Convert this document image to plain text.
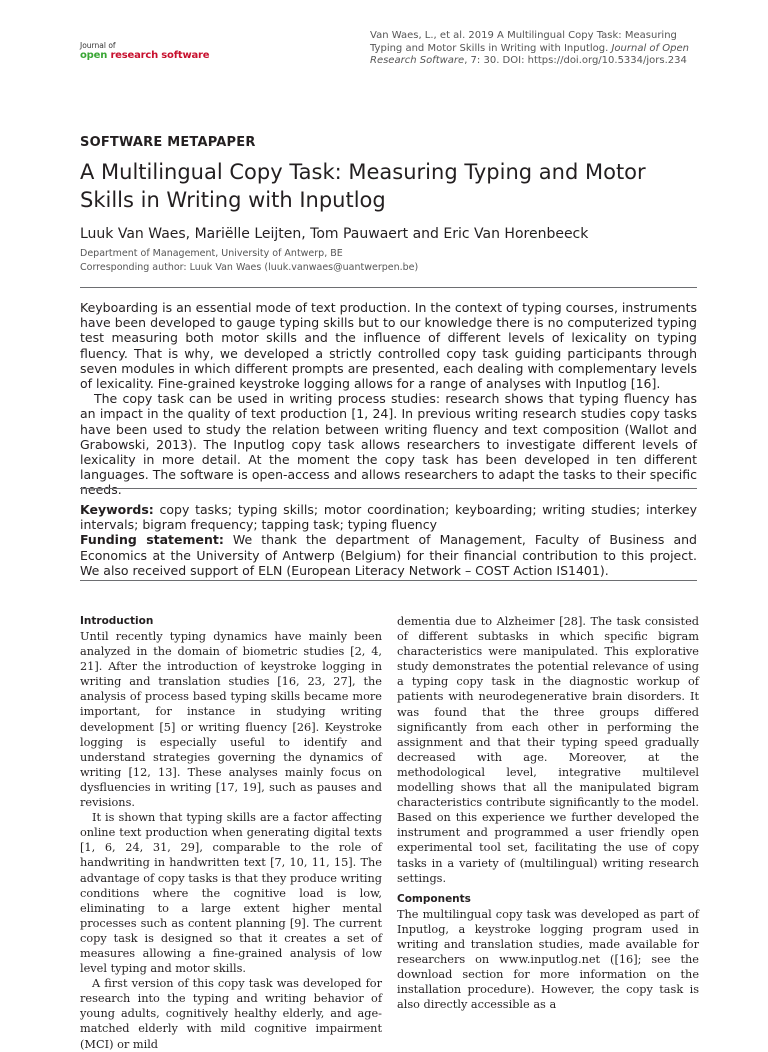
Journal of
open research software
Van Waes, L., et al. 2019 A Multilingual Copy Task: Measuring Typing and Motor Skills in Writing with Inputlog. Journal of Open Research Software, 7: 30. DOI: https://doi.org/10.5334/jors.234
SOFTWARE METAPAPER
A Multilingual Copy Task: Measuring Typing and Motor Skills in Writing with Inputlog
Luuk Van Waes, Mariëlle Leijten, Tom Pauwaert and Eric Van Horenbeeck
Department of Management, University of Antwerp, BE
Corresponding author: Luuk Van Waes (luuk.vanwaes@uantwerpen.be)

Keyboarding is an essential mode of text production. In the context of typing courses, instruments have been developed to gauge typing skills but to our knowledge there is no computerized typing test measuring both motor skills and the influence of different levels of lexicality on typing fluency. That is why, we developed a strictly controlled copy task guiding participants through seven modules in which different prompts are presented, each dealing with complementary levels of lexicality. Fine-grained keystroke logging allows for a range of analyses with Inputlog [16].

The copy task can be used in writing process studies: research shows that typing fluency has an impact in the quality of text production [1, 24]. In previous writing research studies copy tasks have been used to study the relation between writing fluency and text composition (Wallot and Grabowski, 2013). The Inputlog copy task allows researchers to investigate different levels of lexicality in more detail. At the moment the copy task has been developed in ten different languages. The software is open-access and allows researchers to adapt the tasks to their specific needs.

Keywords: copy tasks; typing skills; motor coordination; keyboarding; writing studies; interkey intervals; bigram frequency; tapping task; typing fluency

Funding statement: We thank the department of Management, Faculty of Business and Economics at the University of Antwerp (Belgium) for their financial contribution to this project. We also received support of ELN (European Literacy Network – COST Action IS1401).

Introduction

Until recently typing dynamics have mainly been analyzed in the domain of biometric studies [2, 4, 21]. After the introduction of keystroke logging in writing and translation studies [16, 23, 27], the analysis of process based typing skills became more important, for instance in studying writing development [5] or writing fluency [26]. Keystroke logging is especially useful to identify and understand strategies governing the dynamics of writing [12, 13]. These analyses mainly focus on dysfluencies in writing [17, 19], such as pauses and revisions.

It is shown that typing skills are a factor affecting online text production when generating digital texts [1, 6, 24, 31, 29], comparable to the role of handwriting in handwritten text [7, 10, 11, 15]. The advantage of copy tasks is that they produce writing conditions where the cognitive load is low, eliminating to a large extent higher mental processes such as content planning [9]. The current copy task is designed so that it creates a set of measures allowing a fine-grained analysis of low level typing and motor skills.

A first version of this copy task was developed for research into the typing and writing behavior of young adults, cognitively healthy elderly, and age-matched elderly with mild cognitive impairment (MCI) or mild

dementia due to Alzheimer [28]. The task consisted of different subtasks in which specific bigram characteristics were manipulated. This explorative study demonstrates the potential relevance of using a typing copy task in the diagnostic workup of patients with neurodegenerative brain disorders. It was found that the three groups differed significantly from each other in performing the assignment and that their typing speed gradually decreased with age. Moreover, at the methodological level, integrative multilevel modelling shows that all the manipulated bigram characteristics contribute significantly to the model. Based on this experience we further developed the instrument and programmed a user friendly open experimental tool set, facilitating the use of copy tasks in a variety of (multilingual) writing research settings.

Components

The multilingual copy task was developed as part of Inputlog, a keystroke logging program used in writing and translation studies, made available for researchers on www.inputlog.net ([16]; see the download section for more information on the installation procedure). However, the copy task is also directly accessible as a
